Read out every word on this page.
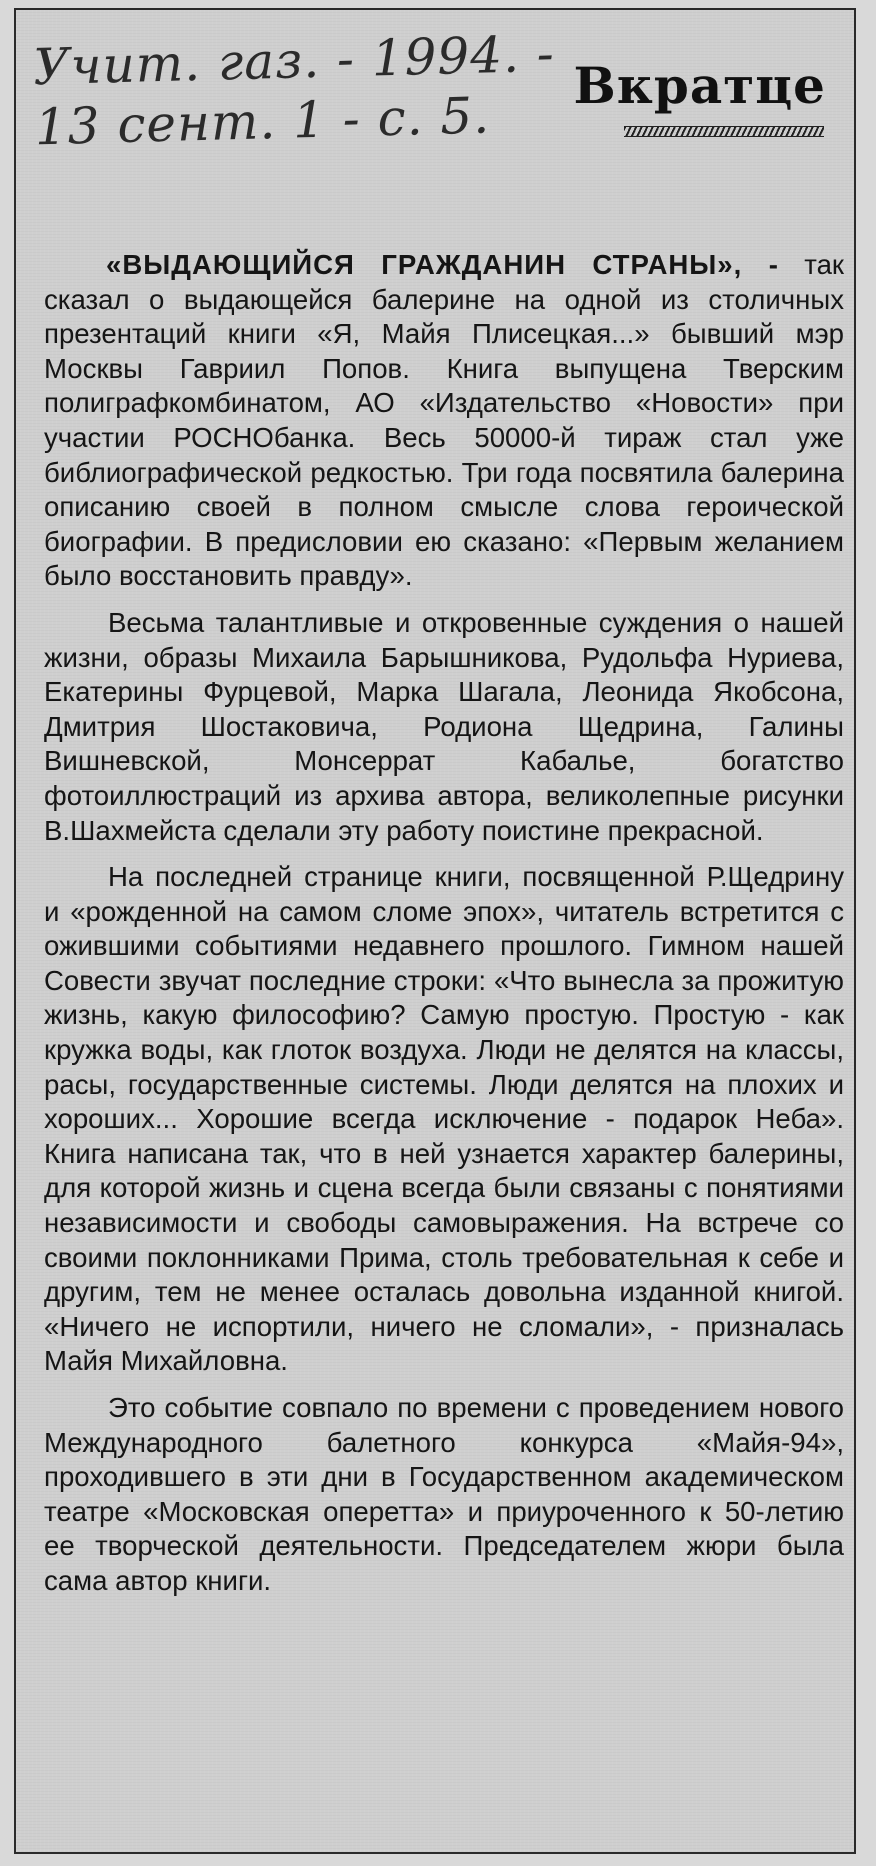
Учит. газ. - 1994. -
13 сент. 1 - с. 5.
Вкратце

«ВЫДАЮЩИЙСЯ ГРАЖДАНИН СТРАНЫ», - так сказал о выдающейся балерине на одной из столичных презентаций книги «Я, Майя Плисецкая...» бывший мэр Москвы Гавриил Попов. Книга выпущена Тверским полиграфкомбинатом, АО «Издательство «Новости» при участии РОСНОбанка. Весь 50000-й тираж стал уже библиографической редкостью. Три года посвятила балерина описанию своей в полном смысле слова героической биографии. В предисловии ею сказано: «Первым желанием было восстановить правду».

Весьма талантливые и откровенные суждения о нашей жизни, образы Михаила Барышникова, Рудольфа Нуриева, Екатерины Фурцевой, Марка Шагала, Леонида Якобсона, Дмитрия Шостаковича, Родиона Щедрина, Галины Вишневской, Монсеррат Кабалье, богатство фотоиллюстраций из архива автора, великолепные рисунки В.Шахмейста сделали эту работу поистине прекрасной.

На последней странице книги, посвященной Р.Щедрину и «рожденной на самом сломе эпох», читатель встретится с ожившими событиями недавнего прошлого. Гимном нашей Совести звучат последние строки: «Что вынесла за прожитую жизнь, какую философию? Самую простую. Простую - как кружка воды, как глоток воздуха. Люди не делятся на классы, расы, государственные системы. Люди делятся на плохих и хороших... Хорошие всегда исключение - подарок Неба». Книга написана так, что в ней узнается характер балерины, для которой жизнь и сцена всегда были связаны с понятиями независимости и свободы самовыражения. На встрече со своими поклонниками Прима, столь требовательная к себе и другим, тем не менее осталась довольна изданной книгой. «Ничего не испортили, ничего не сломали», - призналась Майя Михайловна.

Это событие совпало по времени с проведением нового Международного балетного конкурса «Майя-94», проходившего в эти дни в Государственном академическом театре «Московская оперетта» и приуроченного к 50-летию ее творческой деятельности. Председателем жюри была сама автор книги.
